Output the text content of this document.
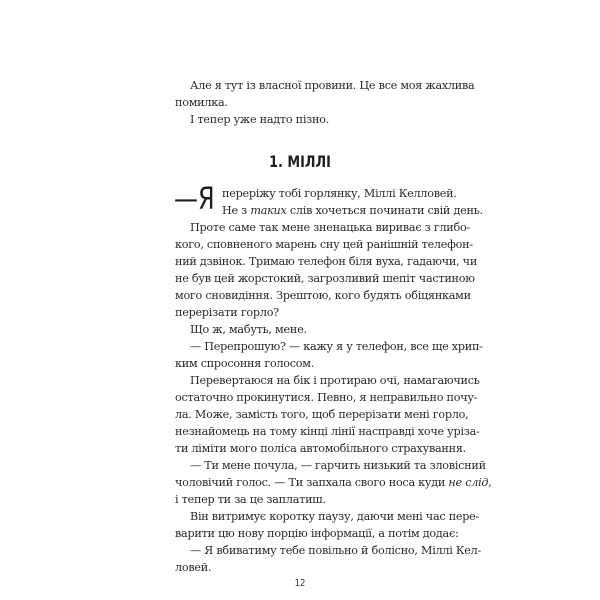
Але я тут із власної провини. Це все моя жахлива
помилка.
І тепер уже надто пізно.
1. МІЛЛІ
—Я переріжу тобі горлянку, Міллі Келловей.
Не з таких слів хочеться починати свій день.
Проте саме так мене зненацька вириває з глибо-
кого, сповненого марень сну цей ранішній телефон-
ний дзвінок. Тримаю телефон біля вуха, гадаючи, чи
не був цей жорстокий, загрозливий шепіт частиною
мого сновидіння. Зрештою, кого будять обіцянками
перерізати горло?
Що ж, мабуть, мене.
— Перепрошую? — кажу я у телефон, все ще хрип-
ким спросоння голосом.
Перевертаюся на бік і протираю очі, намагаючись
остаточно прокинутися. Певно, я неправильно почу-
ла. Може, замість того, щоб перерізати мені горло,
незнайомець на тому кінці лінії насправді хоче урізa-
ти ліміти мого поліса автомобільного страхування.
— Ти мене почула, — гарчить низький та зловісний
чоловічий голос. — Ти запхала свого носа куди не слід,
і тепер ти за це заплатиш.
Він витримує коротку паузу, даючи мені час пере-
варити цю нову порцію інформації, а потім додає:
— Я вбиватиму тебе повільно й болісно, Міллі Кел-
ловей.
12
